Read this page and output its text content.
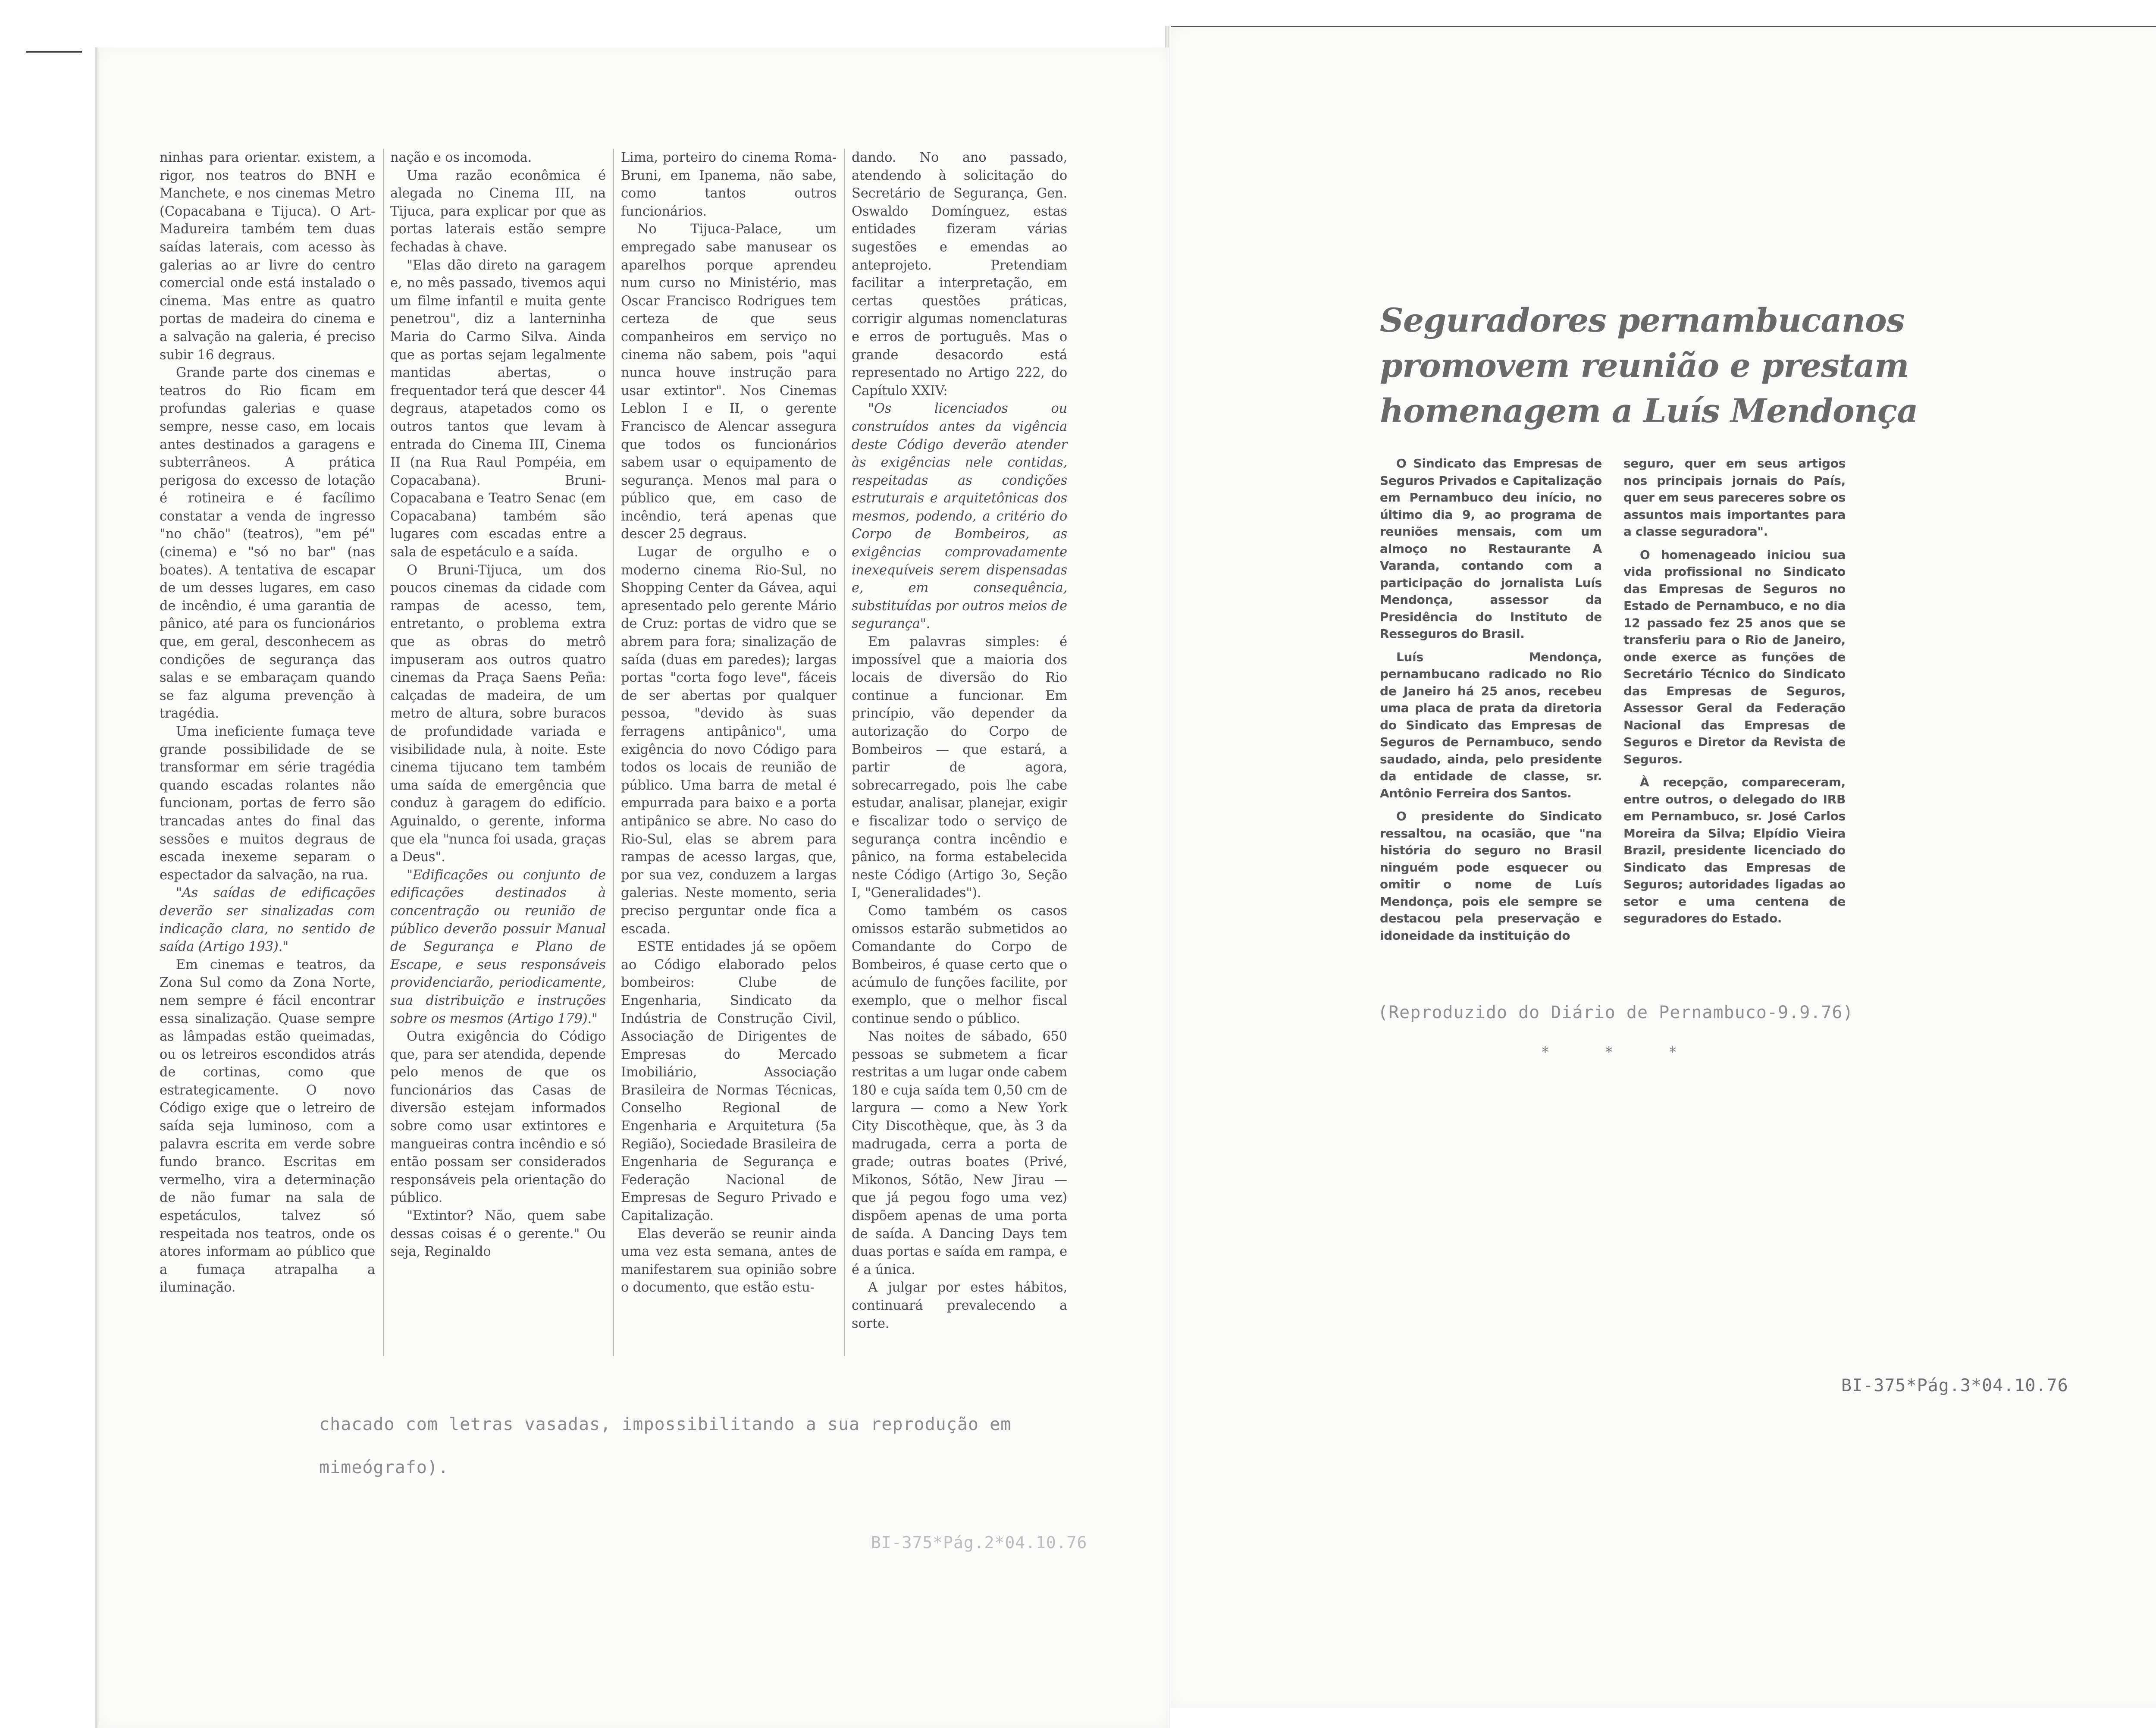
ninhas para orientar. existem, a rigor, nos teatros do BNH e Manchete, e nos cinemas Metro (Copacabana e Tijuca). O Art-Madureira também tem duas saídas laterais, com acesso às galerias ao ar livre do centro comercial onde está instalado o cinema. Mas entre as quatro portas de madeira do cinema e a salvação na galeria, é preciso subir 16 degraus.

Grande parte dos cinemas e teatros do Rio ficam em profundas galerias e quase sempre, nesse caso, em locais antes destinados a garagens e subterrâneos. A prática perigosa do excesso de lotação é rotineira e é facílimo constatar a venda de ingresso "no chão" (teatros), "em pé" (cinema) e "só no bar" (nas boates). A tentativa de escapar de um desses lugares, em caso de incêndio, é uma garantia de pânico, até para os funcionários que, em geral, desconhecem as condições de segurança das salas e se embaraçam quando se faz alguma prevenção à tragédia.

Uma ineficiente fumaça teve grande possibilidade de se transformar em série tragédia quando escadas rolantes não funcionam, portas de ferro são trancadas antes do final das sessões e muitos degraus de escada inexeme separam o espectador da salvação, na rua.

"As saídas de edificações deverão ser sinalizadas com indicação clara, no sentido de saída (Artigo 193)."

Em cinemas e teatros, da Zona Sul como da Zona Norte, nem sempre é fácil encontrar essa sinalização. Quase sempre as lâmpadas estão queimadas, ou os letreiros escondidos atrás de cortinas, como que estrategicamente. O novo Código exige que o letreiro de saída seja luminoso, com a palavra escrita em verde sobre fundo branco. Escritas em vermelho, vira a determinação de não fumar na sala de espetáculos, talvez só respeitada nos teatros, onde os atores informam ao público que a fumaça atrapalha a iluminação.

nação e os incomoda.

Uma razão econômica é alegada no Cinema III, na Tijuca, para explicar por que as portas laterais estão sempre fechadas à chave.

"Elas dão direto na garagem e, no mês passado, tivemos aqui um filme infantil e muita gente penetrou", diz a lanterninha Maria do Carmo Silva. Ainda que as portas sejam legalmente mantidas abertas, o frequentador terá que descer 44 degraus, atapetados como os outros tantos que levam à entrada do Cinema III, Cinema II (na Rua Raul Pompéia, em Copacabana). Bruni-Copacabana e Teatro Senac (em Copacabana) também são lugares com escadas entre a sala de espetáculo e a saída.

O Bruni-Tijuca, um dos poucos cinemas da cidade com rampas de acesso, tem, entretanto, o problema extra que as obras do metrô impuseram aos outros quatro cinemas da Praça Saens Peña: calçadas de madeira, de um metro de altura, sobre buracos de profundidade variada e visibilidade nula, à noite. Este cinema tijucano tem também uma saída de emergência que conduz à garagem do edifício. Aguinaldo, o gerente, informa que ela "nunca foi usada, graças a Deus".

"Edificações ou conjunto de edificações destinados à concentração ou reunião de público deverão possuir Manual de Segurança e Plano de Escape, e seus responsáveis providenciarão, periodicamente, sua distribuição e instruções sobre os mesmos (Artigo 179)."

Outra exigência do Código que, para ser atendida, depende pelo menos de que os funcionários das Casas de diversão estejam informados sobre como usar extintores e mangueiras contra incêndio e só então possam ser considerados responsáveis pela orientação do público.

"Extintor? Não, quem sabe dessas coisas é o gerente." Ou seja, Reginaldo

Lima, porteiro do cinema Roma-Bruni, em Ipanema, não sabe, como tantos outros funcionários.

No Tijuca-Palace, um empregado sabe manusear os aparelhos porque aprendeu num curso no Ministério, mas Oscar Francisco Rodrigues tem certeza de que seus companheiros em serviço no cinema não sabem, pois "aqui nunca houve instrução para usar extintor". Nos Cinemas Leblon I e II, o gerente Francisco de Alencar assegura que todos os funcionários sabem usar o equipamento de segurança. Menos mal para o público que, em caso de incêndio, terá apenas que descer 25 degraus.

Lugar de orgulho e o moderno cinema Rio-Sul, no Shopping Center da Gávea, aqui apresentado pelo gerente Mário de Cruz: portas de vidro que se abrem para fora; sinalização de saída (duas em paredes); largas portas "corta fogo leve", fáceis de ser abertas por qualquer pessoa, "devido às suas ferragens antipânico", uma exigência do novo Código para todos os locais de reunião de público. Uma barra de metal é empurrada para baixo e a porta antipânico se abre. No caso do Rio-Sul, elas se abrem para rampas de acesso largas, que, por sua vez, conduzem a largas galerias. Neste momento, seria preciso perguntar onde fica a escada.

ESTE entidades já se opõem ao Código elaborado pelos bombeiros: Clube de Engenharia, Sindicato da Indústria de Construção Civil, Associação de Dirigentes de Empresas do Mercado Imobiliário, Associação Brasileira de Normas Técnicas, Conselho Regional de Engenharia e Arquitetura (5a Região), Sociedade Brasileira de Engenharia de Segurança e Federação Nacional de Empresas de Seguro Privado e Capitalização.

Elas deverão se reunir ainda uma vez esta semana, antes de manifestarem sua opinião sobre o documento, que estão estu-

dando. No ano passado, atendendo à solicitação do Secretário de Segurança, Gen. Oswaldo Domínguez, estas entidades fizeram várias sugestões e emendas ao anteprojeto. Pretendiam facilitar a interpretação, em certas questões práticas, corrigir algumas nomenclaturas e erros de português. Mas o grande desacordo está representado no Artigo 222, do Capítulo XXIV:

"Os licenciados ou construídos antes da vigência deste Código deverão atender às exigências nele contidas, respeitadas as condições estruturais e arquitetônicas dos mesmos, podendo, a critério do Corpo de Bombeiros, as exigências comprovadamente inexequíveis serem dispensadas e, em consequência, substituídas por outros meios de segurança".

Em palavras simples: é impossível que a maioria dos locais de diversão do Rio continue a funcionar. Em princípio, vão depender da autorização do Corpo de Bombeiros — que estará, a partir de agora, sobrecarregado, pois lhe cabe estudar, analisar, planejar, exigir e fiscalizar todo o serviço de segurança contra incêndio e pânico, na forma estabelecida neste Código (Artigo 3o, Seção I, "Generalidades").

Como também os casos omissos estarão submetidos ao Comandante do Corpo de Bombeiros, é quase certo que o acúmulo de funções facilite, por exemplo, que o melhor fiscal continue sendo o público.

Nas noites de sábado, 650 pessoas se submetem a ficar restritas a um lugar onde cabem 180 e cuja saída tem 0,50 cm de largura — como a New York City Discothèque, que, às 3 da madrugada, cerra a porta de grade; outras boates (Privé, Mikonos, Sótão, New Jirau — que já pegou fogo uma vez) dispõem apenas de uma porta de saída. A Dancing Days tem duas portas e saída em rampa, e é a única.

A julgar por estes hábitos, continuará prevalecendo a sorte.

chacado com letras vasadas, impossibilitando a sua reprodução em
mimeógrafo).
BI-375*Pág.2*04.10.76
Seguradores pernambucanos
promovem reunião e prestam
homenagem a Luís Mendonça

O Sindicato das Empresas de Seguros Privados e Capitalização em Pernambuco deu início, no último dia 9, ao programa de reuniões mensais, com um almoço no Restaurante A Varanda, contando com a participação do jornalista Luís Mendonça, assessor da Presidência do Instituto de Resseguros do Brasil.

Luís Mendonça, pernambucano radicado no Rio de Janeiro há 25 anos, recebeu uma placa de prata da diretoria do Sindicato das Empresas de Seguros de Pernambuco, sendo saudado, ainda, pelo presidente da entidade de classe, sr. Antônio Ferreira dos Santos.

O presidente do Sindicato ressaltou, na ocasião, que "na história do seguro no Brasil ninguém pode esquecer ou omitir o nome de Luís Mendonça, pois ele sempre se destacou pela preservação e idoneidade da instituição do

seguro, quer em seus artigos nos principais jornais do País, quer em seus pareceres sobre os assuntos mais importantes para a classe seguradora".

O homenageado iniciou sua vida profissional no Sindicato das Empresas de Seguros no Estado de Pernambuco, e no dia 12 passado fez 25 anos que se transferiu para o Rio de Janeiro, onde exerce as funções de Secretário Técnico do Sindicato das Empresas de Seguros, Assessor Geral da Federação Nacional das Empresas de Seguros e Diretor da Revista de Seguros.

À recepção, compareceram, entre outros, o delegado do IRB em Pernambuco, sr. José Carlos Moreira da Silva; Elpídio Vieira Brazil, presidente licenciado do Sindicato das Empresas de Seguros; autoridades ligadas ao setor e uma centena de seguradores do Estado.

(Reproduzido do Diário de Pernambuco-9.9.76)
* * *
BI-375*Pág.3*04.10.76
